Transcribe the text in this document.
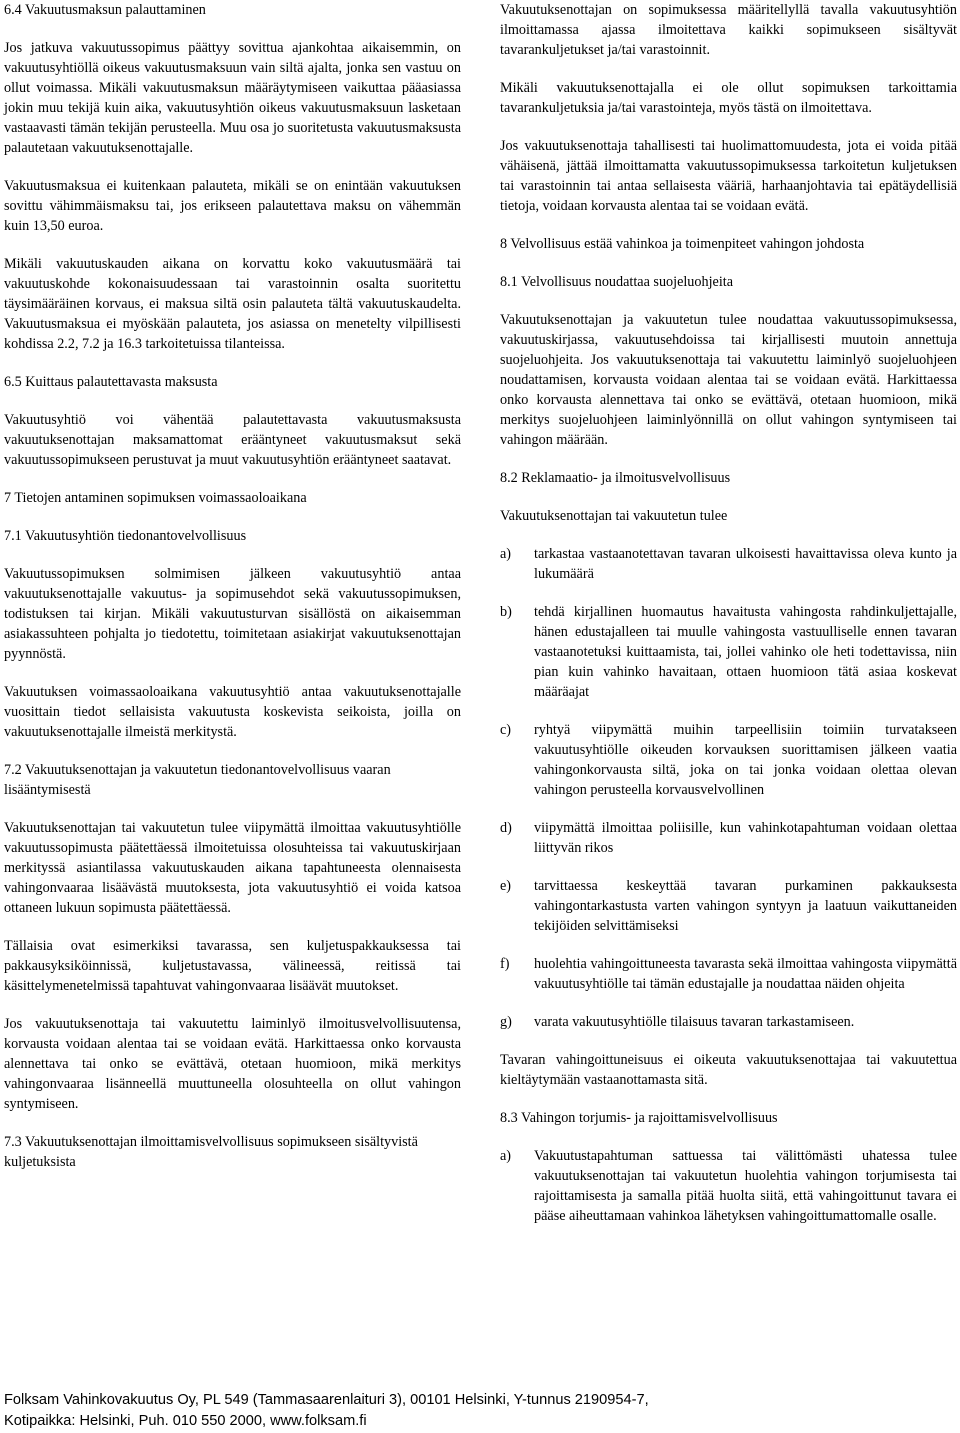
6.4 Vakuutusmaksun palauttaminen

Jos jatkuva vakuutussopimus päättyy sovittua ajankohtaa aikaisemmin, on vakuutusyhtiöllä oikeus vakuutusmaksuun vain siltä ajalta, jonka sen vastuu on ollut voimassa. Mikäli vakuutusmaksun määräytymiseen vaikuttaa pääasiassa jokin muu tekijä kuin aika, vakuutusyhtiön oikeus vakuutusmaksuun lasketaan vastaavasti tämän tekijän perusteella. Muu osa jo suoritetusta vakuutusmaksusta palautetaan vakuutuksenottajalle.

Vakuutusmaksua ei kuitenkaan palauteta, mikäli se on enintään vakuutuksen sovittu vähimmäismaksu tai, jos erikseen palautettava maksu on vähemmän kuin 13,50 euroa.

Mikäli vakuutuskauden aikana on korvattu koko vakuutusmäärä tai vakuutuskohde kokonaisuudessaan tai varastoinnin osalta suoritettu täysimääräinen korvaus, ei maksua siltä osin palauteta tältä vakuutuskaudelta. Vakuutusmaksua ei myöskään palauteta, jos asiassa on menetelty vilpillisesti kohdissa 2.2, 7.2 ja 16.3 tarkoitetuissa tilanteissa.

6.5 Kuittaus palautettavasta maksusta

Vakuutusyhtiö voi vähentää palautettavasta vakuutusmaksusta vakuutuksenottajan maksamattomat erääntyneet vakuutusmaksut sekä vakuutussopimukseen perustuvat ja muut vakuutusyhtiön erääntyneet saatavat.

7 Tietojen antaminen sopimuksen voimassaoloaikana
7.1 Vakuutusyhtiön tiedonantovelvollisuus

Vakuutussopimuksen solmimisen jälkeen vakuutusyhtiö antaa vakuutuksenottajalle vakuutus- ja sopimusehdot sekä vakuutussopimuksen, todistuksen tai kirjan. Mikäli vakuutusturvan sisällöstä on aikaisemman asiakassuhteen pohjalta jo tiedotettu, toimitetaan asiakirjat vakuutuksenottajan pyynnöstä.

Vakuutuksen voimassaoloaikana vakuutusyhtiö antaa vakuutuksenottajalle vuosittain tiedot sellaisista vakuutusta koskevista seikoista, joilla on vakuutuksenottajalle ilmeistä merkitystä.

7.2 Vakuutuksenottajan ja vakuutetun tiedonantovelvollisuus vaaran lisääntymisestä

Vakuutuksenottajan tai vakuutetun tulee viipymättä ilmoittaa vakuutusyhtiölle vakuutussopimusta päätettäessä ilmoitetuissa olosuhteissa tai vakuutuskirjaan merkityssä asiantilassa vakuutuskauden aikana tapahtuneesta olennaisesta vahingonvaaraa lisäävästä muutoksesta, jota vakuutusyhtiö ei voida katsoa ottaneen lukuun sopimusta päätettäessä.

Tällaisia ovat esimerkiksi tavarassa, sen kuljetuspakkauksessa tai pakkausyksiköinnissä, kuljetustavassa, välineessä, reitissä tai käsittelymenetelmissä tapahtuvat vahingonvaaraa lisäävät muutokset.

Jos vakuutuksenottaja tai vakuutettu laiminlyö ilmoitusvelvollisuutensa, korvausta voidaan alentaa tai se voidaan evätä. Harkittaessa onko korvausta alennettava tai onko se evättävä, otetaan huomioon, mikä merkitys vahingonvaaraa lisänneellä muuttuneella olosuhteella on ollut vahingon syntymiseen.

7.3 Vakuutuksenottajan ilmoittamisvelvollisuus sopimukseen sisältyvistä kuljetuksista

Vakuutuksenottajan on sopimuksessa määritellyllä tavalla vakuutusyhtiön ilmoittamassa ajassa ilmoitettava kaikki sopimukseen sisältyvät tavarankuljetukset ja/tai varastoinnit.

Mikäli vakuutuksenottajalla ei ole ollut sopimuksen tarkoittamia tavarankuljetuksia ja/tai varastointeja, myös tästä on ilmoitettava.

Jos vakuutuksenottaja tahallisesti tai huolimattomuudesta, jota ei voida pitää vähäisenä, jättää ilmoittamatta vakuutussopimuksessa tarkoitetun kuljetuksen tai varastoinnin tai antaa sellaisesta vääriä, harhaanjohtavia tai epätäydellisiä tietoja, voidaan korvausta alentaa tai se voidaan evätä.

8 Velvollisuus estää vahinkoa ja toimenpiteet vahingon johdosta
8.1 Velvollisuus noudattaa suojeluohjeita

Vakuutuksenottajan ja vakuutetun tulee noudattaa vakuutussopimuksessa, vakuutuskirjassa, vakuutusehdoissa tai kirjallisesti muutoin annettuja suojeluohjeita. Jos vakuutuksenottaja tai vakuutettu laiminlyö suojeluohjeen noudattamisen, korvausta voidaan alentaa tai se voidaan evätä. Harkittaessa onko korvausta alennettava tai onko se evättävä, otetaan huomioon, mikä merkitys suojeluohjeen laiminlyönnillä on ollut vahingon syntymiseen tai vahingon määrään.

8.2 Reklamaatio- ja ilmoitusvelvollisuus

Vakuutuksenottajan tai vakuutetun tulee

a) tarkastaa vastaanotettavan tavaran ulkoisesti havaittavissa oleva kunto ja lukumäärä
b) tehdä kirjallinen huomautus havaitusta vahingosta rahdinkuljettajalle, hänen edustajalleen tai muulle vahingosta vastuulliselle ennen tavaran vastaanotetuksi kuittaamista, tai, jollei vahinko ole heti todettavissa, niin pian kuin vahinko havaitaan, ottaen huomioon tätä asiaa koskevat määräajat
c) ryhtyä viipymättä muihin tarpeellisiin toimiin turvatakseen vakuutusyhtiölle oikeuden korvauksen suorittamisen jälkeen vaatia vahingonkorvausta siltä, joka on tai jonka voidaan olettaa olevan vahingon perusteella korvausvelvollinen
d) viipymättä ilmoittaa poliisille, kun vahinkotapahtuman voidaan olettaa liittyvän rikos
e) tarvittaessa keskeyttää tavaran purkaminen pakkauksesta vahingontarkastusta varten vahingon syntyyn ja laatuun vaikuttaneiden tekijöiden selvittämiseksi
f) huolehtia vahingoittuneesta tavarasta sekä ilmoittaa vahingosta viipymättä vakuutusyhtiölle tai tämän edustajalle ja noudattaa näiden ohjeita
g) varata vakuutusyhtiölle tilaisuus tavaran tarkastamiseen.

Tavaran vahingoittuneisuus ei oikeuta vakuutuksenottajaa tai vakuutettua kieltäytymään vastaanottamasta sitä.

8.3 Vahingon torjumis- ja rajoittamisvelvollisuus
a) Vakuutustapahtuman sattuessa tai välittömästi uhatessa tulee vakuutuksenottajan tai vakuutetun huolehtia vahingon torjumisesta tai rajoittamisesta ja samalla pitää huolta siitä, että vahingoittunut tavara ei pääse aiheuttamaan vahinkoa lähetyksen vahingoittumattomalle osalle.
Folksam Vahinkovakuutus Oy, PL 549 (Tammasaarenlaituri 3), 00101 Helsinki, Y-tunnus 2190954-7,
Kotipaikka: Helsinki, Puh. 010 550 2000, www.folksam.fi
